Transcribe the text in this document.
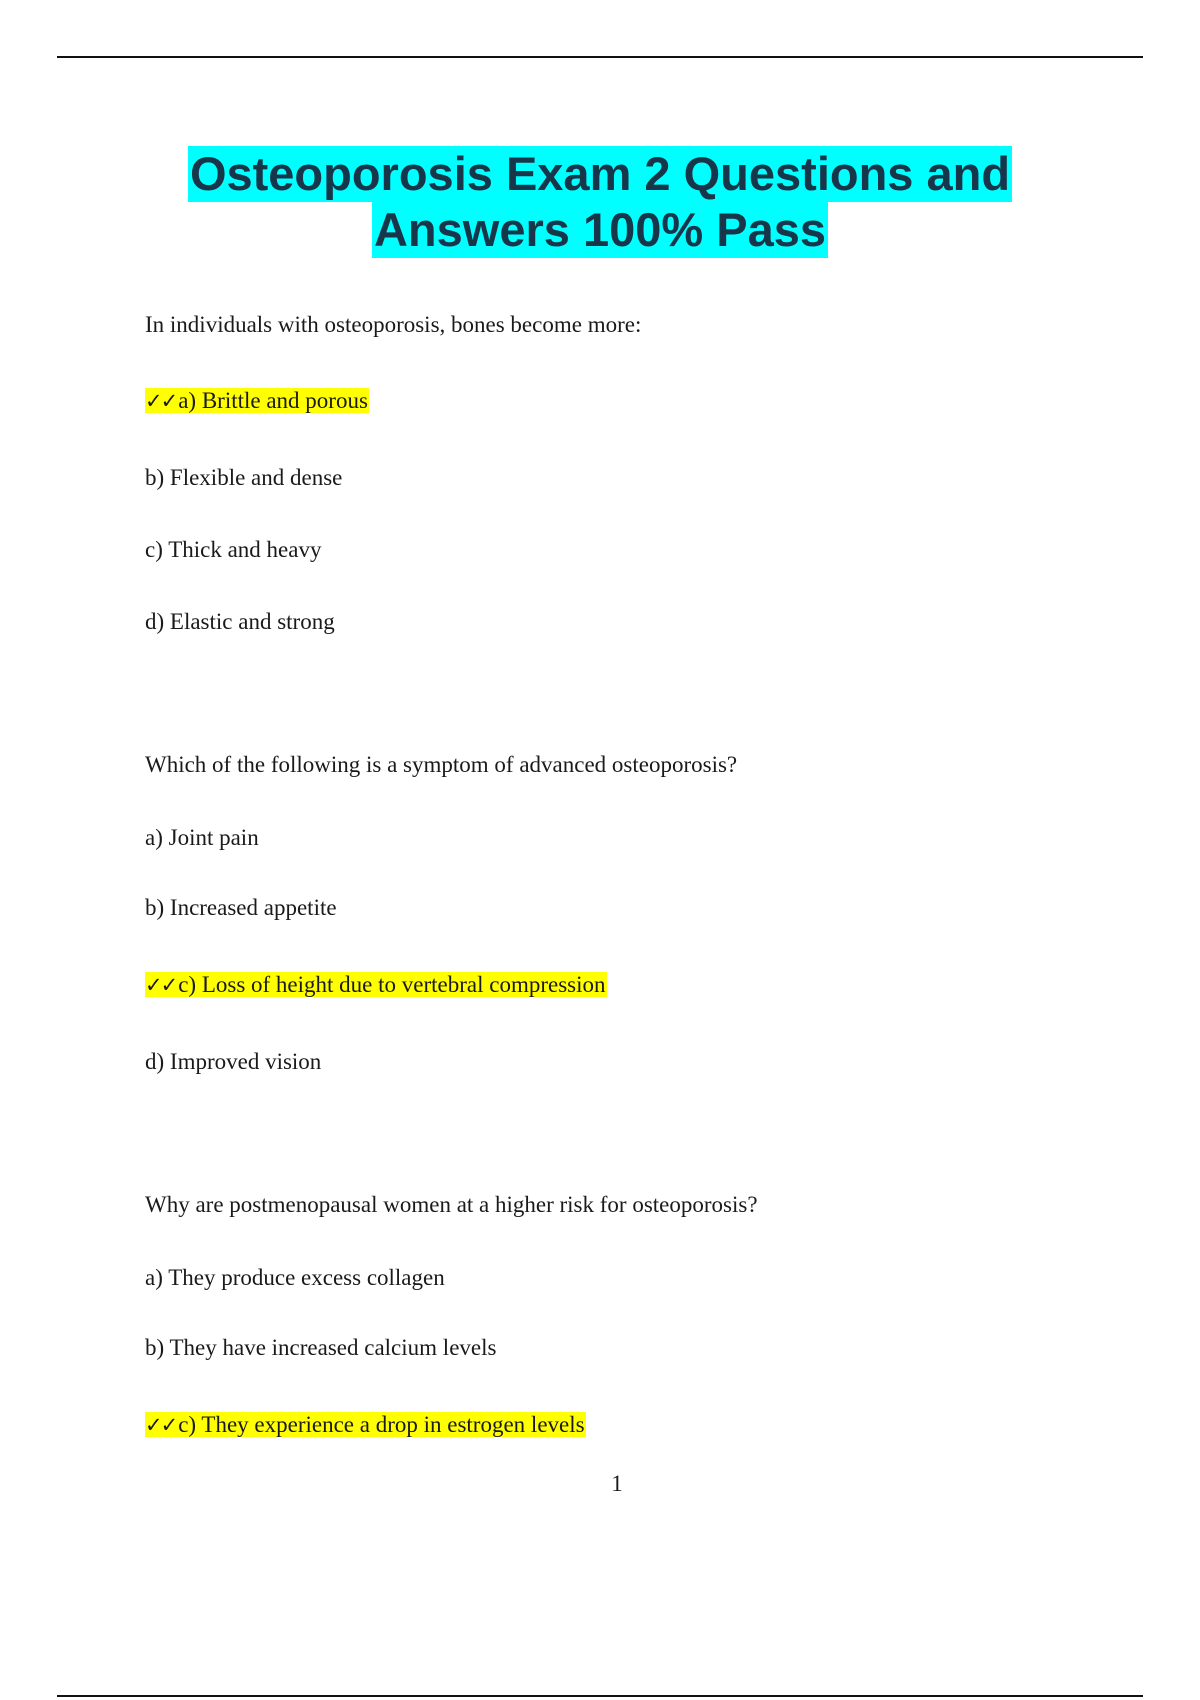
Osteoporosis Exam 2 Questions and
Answers 100% Pass
In individuals with osteoporosis, bones become more:
✓✓a) Brittle and porous
b) Flexible and dense
c) Thick and heavy
d) Elastic and strong
Which of the following is a symptom of advanced osteoporosis?
a) Joint pain
b) Increased appetite
✓✓c) Loss of height due to vertebral compression
d) Improved vision
Why are postmenopausal women at a higher risk for osteoporosis?
a) They produce excess collagen
b) They have increased calcium levels
✓✓c) They experience a drop in estrogen levels
1
